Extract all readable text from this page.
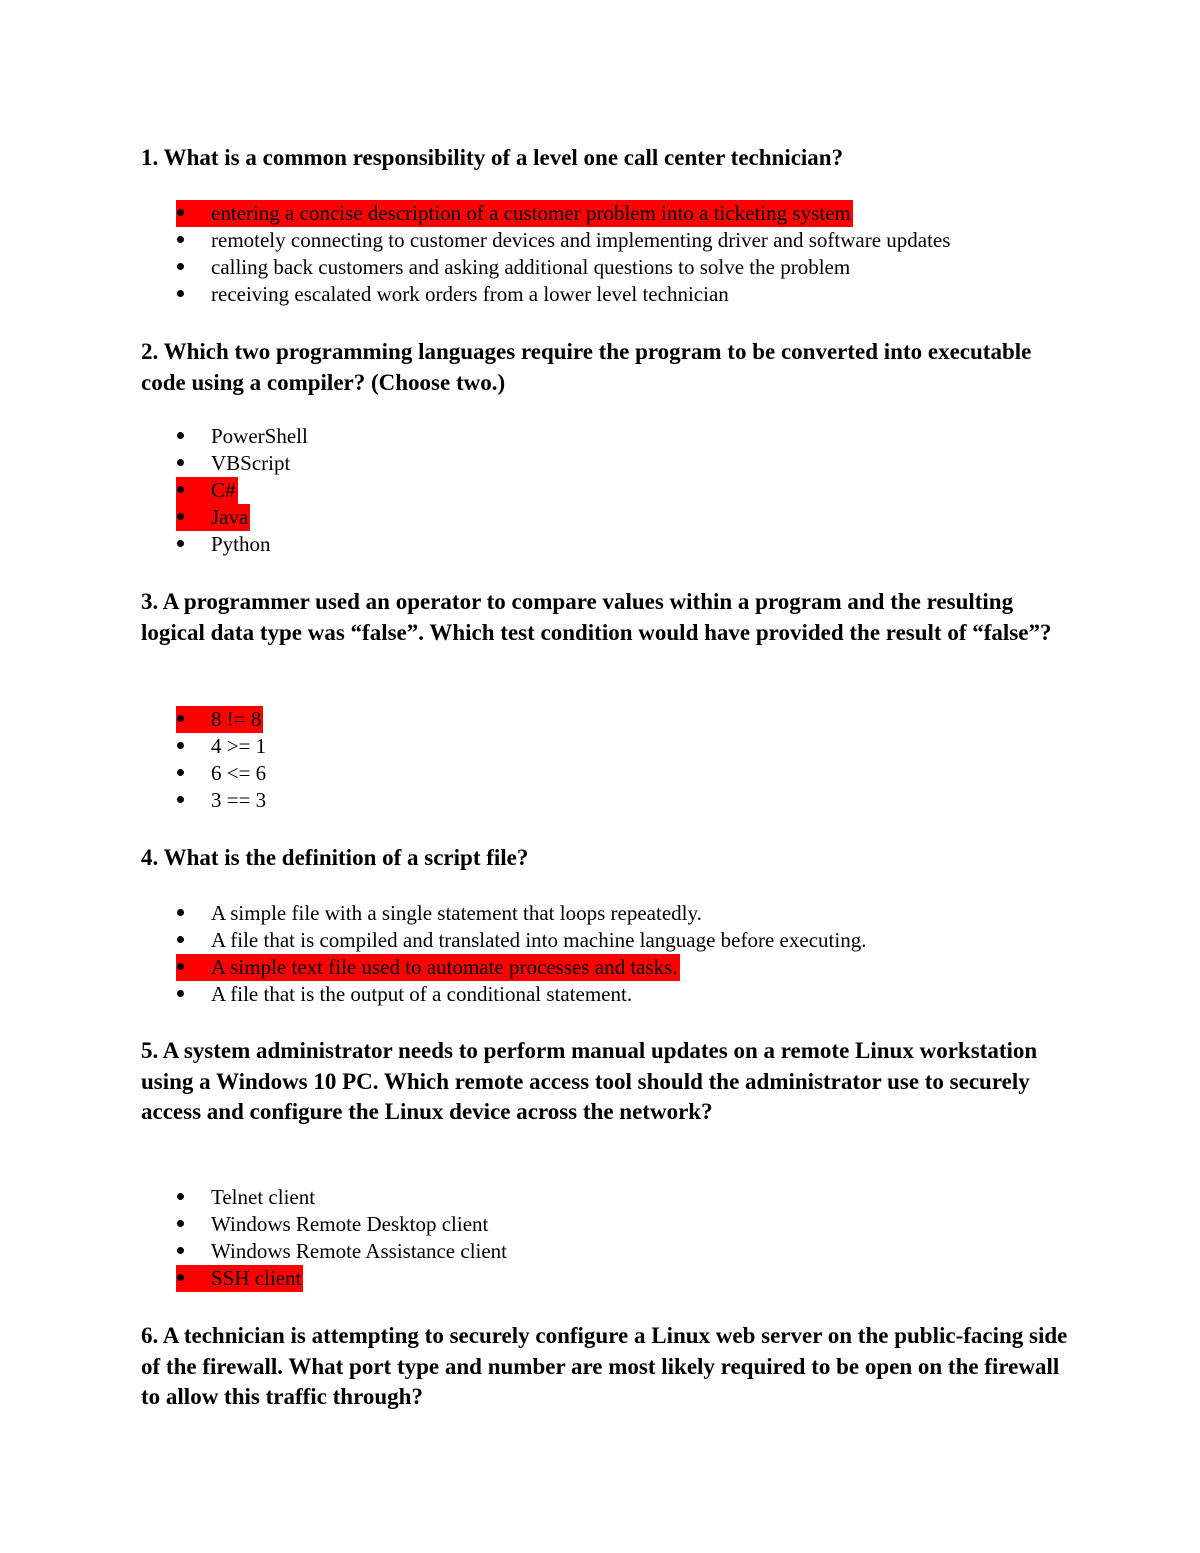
1. What is a common responsibility of a level one call center technician?

entering a concise description of a customer problem into a ticketing system
remotely connecting to customer devices and implementing driver and software updates
calling back customers and asking additional questions to solve the problem
receiving escalated work orders from a lower level technician

2. Which two programming languages require the program to be converted into executable code using a compiler? (Choose two.)

PowerShell
VBScript
C#
Java
Python

3. A programmer used an operator to compare values within a program and the resulting logical data type was “false”. Which test condition would have provided the result of “false”?

8 != 8
4 >= 1
6 <= 6
3 == 3

4. What is the definition of a script file?

A simple file with a single statement that loops repeatedly.
A file that is compiled and translated into machine language before executing.
A simple text file used to automate processes and tasks.
A file that is the output of a conditional statement.

5. A system administrator needs to perform manual updates on a remote Linux workstation using a Windows 10 PC. Which remote access tool should the administrator use to securely access and configure the Linux device across the network?

Telnet client
Windows Remote Desktop client
Windows Remote Assistance client
SSH client

6. A technician is attempting to securely configure a Linux web server on the public-facing side of the firewall. What port type and number are most likely required to be open on the firewall to allow this traffic through?
